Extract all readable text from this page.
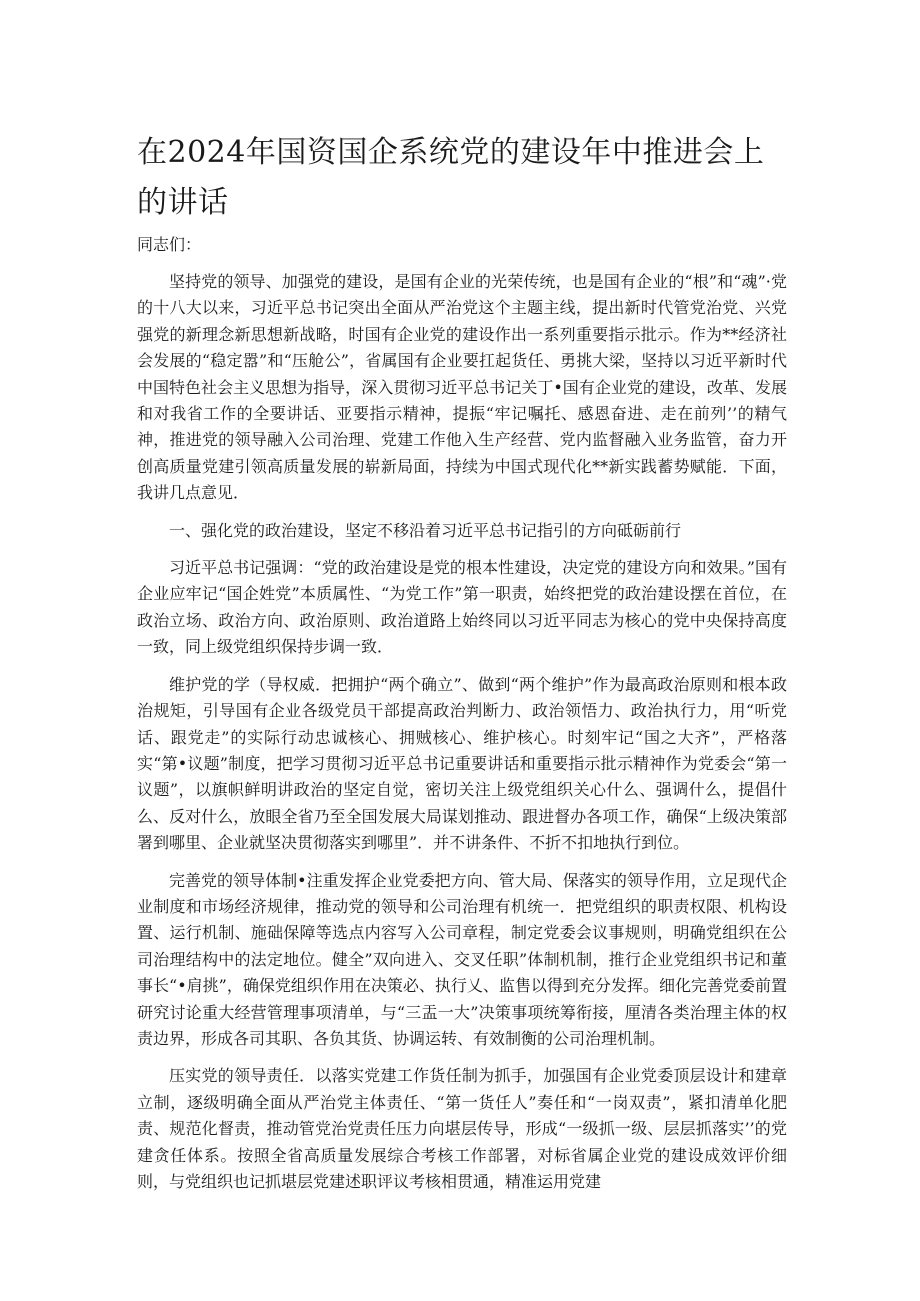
在2024年国资国企系统党的建设年中推进会上的讲话

同志们：

坚持党的领导、加强党的建设，是国有企业的光荣传统，也是国有企业的“根”和“魂”·党的十八大以来，习近平总书记突出全面从严治党这个主题主线，提出新时代管党治党、兴党强党的新理念新思想新战略，时国有企业党的建设作出一系列重要指示批示。作为**经济社会发展的“稳定嚣”和“压舱公”，省属国有企业要扛起货任、勇挑大梁，坚持以习近平新时代中国特色社会主义思想为指导，深入贯彻习近平总书记关丁•国有企业党的建设，改革、发展和对我省工作的全要讲话、亚要指示精神，提振“牢记嘱托、感恩奋进、走在前列’’的精气神，推进党的领导融入公司治理、党建工作他入生产经营、党内监督融入业务监管，奋力开创高质量党建引领高质量发展的崭新局面，持续为中国式现代化**新实践蓄势赋能．下面，我讲几点意见．

一、强化党的政治建设，坚定不移沿着习近平总书记指引的方向砥砺前行

习近平总书记强调：“党的政治建设是党的根本性建设，决定党的建设方向和效果。”国有企业应牢记“国企姓党”本质属性、“为党工作”第一职责，始终把党的政治建设摆在首位，在政治立场、政治方向、政治原则、政治道路上始终同以习近平同志为核心的党中央保持高度一致，同上级党组织保持步调一致．

维护党的学（导权威．把拥护“两个确立”、做到“两个维护”作为最高政治原则和根本政治规矩，引导国有企业各级党员干部提高政治判断力、政治领悟力、政治执行力，用“听党话、跟党走”的实际行动忠诚核心、拥贼核心、维护核心。时刻牢记“国之大齐”，严格落实“第•议题”制度，把学习贯彻习近平总书记重要讲话和重要指示批示精神作为党委会“第一议题”，以旗帜鲜明讲政治的坚定自觉，密切关注上级党组织关心什么、强调什么，提倡什么、反对什么，放眼全省乃至全国发展大局谋划推动、跟进督办各项工作，确保“上级决策部署到哪里、企业就坚决贯彻落实到哪里”．并不讲条件、不折不扣地执行到位。

完善党的领导体制•注重发挥企业党委把方向、管大局、保落实的领导作用，立足现代企业制度和市场经济规律，推动党的领导和公司治理有机统一．把党组织的职责权限、机构设置、运行机制、施础保障等选点内容写入公司章程，制定党委会议事规则，明确党组织在公司治理结构中的法定地位。健全”双向进入、交叉任职”体制机制，推行企业党组织书记和董事长“•肩挑”，确保党组织作用在决策必、执行乂、监售以得到充分发挥。细化完善党委前置研究讨论重大经营管理事项清单，与“三盂一大”决策事项统筹衔接，厘清各类治理主体的权责边界，形成各司其职、各负其货、协调运转、有效制衡的公司治理机制。

压实党的领导责任．以落实党建工作货任制为抓手，加强国有企业党委顶层设计和建章立制，逐级明确全面从严治党主体责任、“第一货任人”奏任和“一岗双责”，紧扣清单化肥责、规范化督责，推动管党治党责任压力向堪层传导，形成“一级抓一级、层层抓落实’’的党建贪任体系。按照全省高质量发展综合考核工作部署，对标省属企业党的建设成效评价细则，与党组织也记抓堪层党建述职评议考核相贯通，精准运用党建
